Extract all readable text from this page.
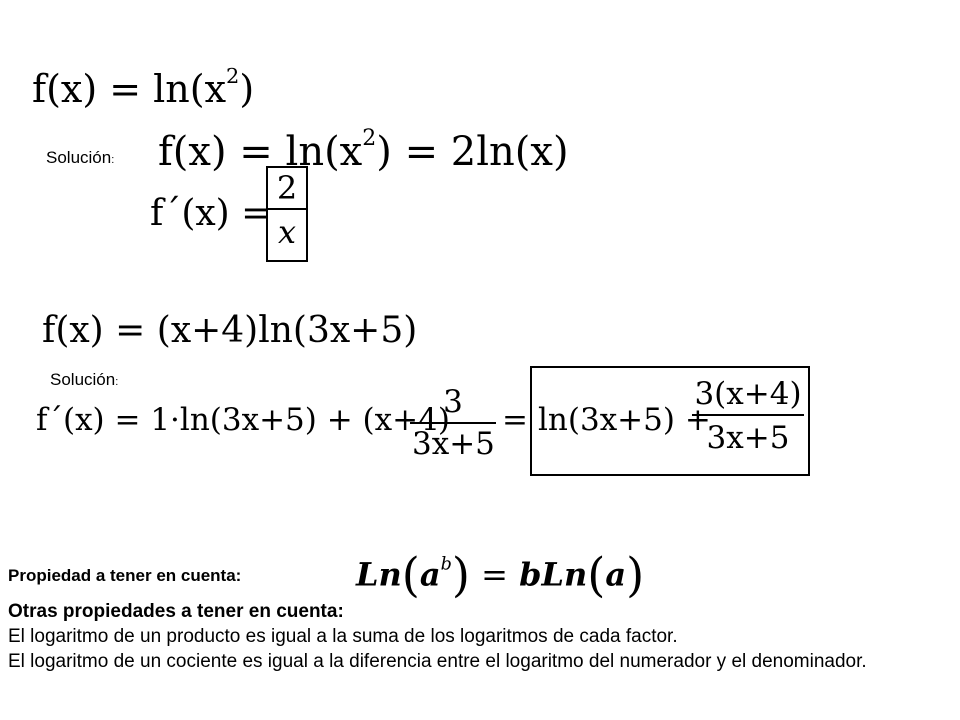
$f(x) = \ln(x^2)$
Solución: $f(x) = \ln(x^2) = 2\ln(x)$
f´(x) =
2
x
f(x) = (x+4)ln(3x+5)
Solución:
f´(x) = 1·ln(3x+5) + (x+4)
3
3x+5
= ln(3x+5) +
3(x+4)
3x+5
Propiedad a tener en cuenta:	$Ln(a^b) = bLn(a)$
Otras propiedades a tener en cuenta:
El logaritmo de un producto es igual a la suma de los logaritmos de cada factor.
El logaritmo de un cociente es igual a la diferencia entre el logaritmo del numerador y el denominador.
